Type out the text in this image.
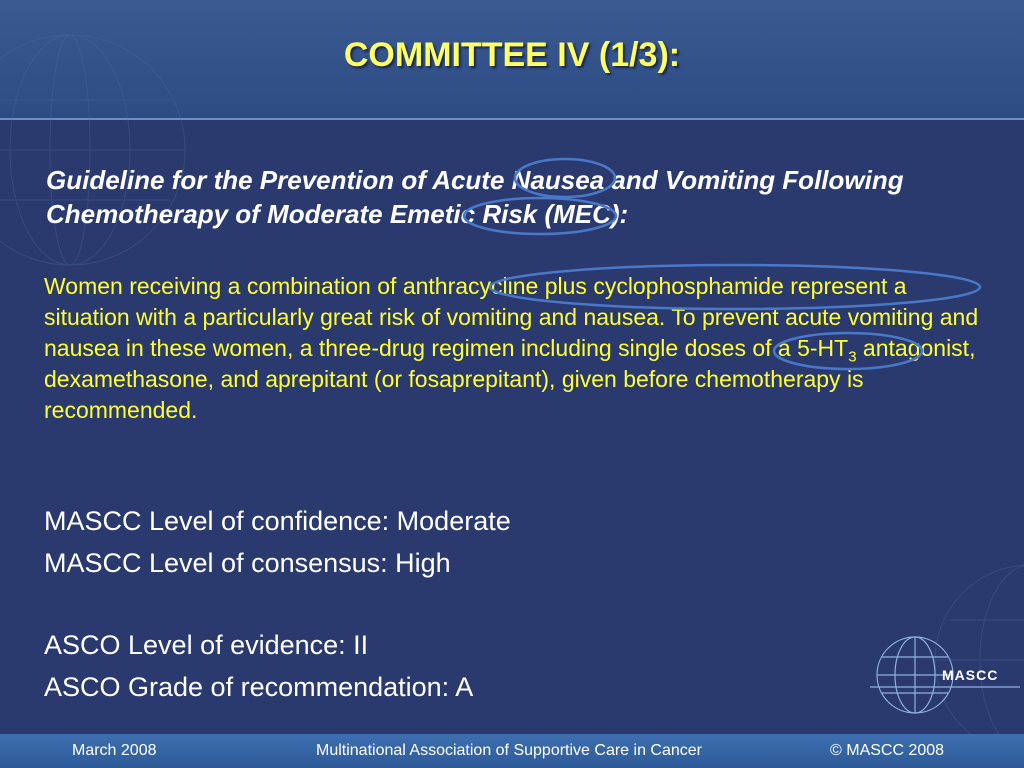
COMMITTEE IV (1/3):
Guideline for the Prevention of Acute Nausea and Vomiting Following Chemotherapy of Moderate Emetic Risk (MEC):
Women receiving a combination of anthracycline plus cyclophosphamide represent a situation with a particularly great risk of vomiting and nausea. To prevent acute vomiting and nausea in these women, a three-drug regimen including single doses of a $5-HT_3$ antagonist, dexamethasone, and aprepitant (or fosaprepitant), given before chemotherapy is recommended.
MASCC Level of confidence: Moderate
MASCC Level of consensus: High
ASCO Level of evidence: II
ASCO Grade of recommendation: A	MASCC
March 2008	Multinational Association of Supportive Care in Cancer	© MASCC 2008
